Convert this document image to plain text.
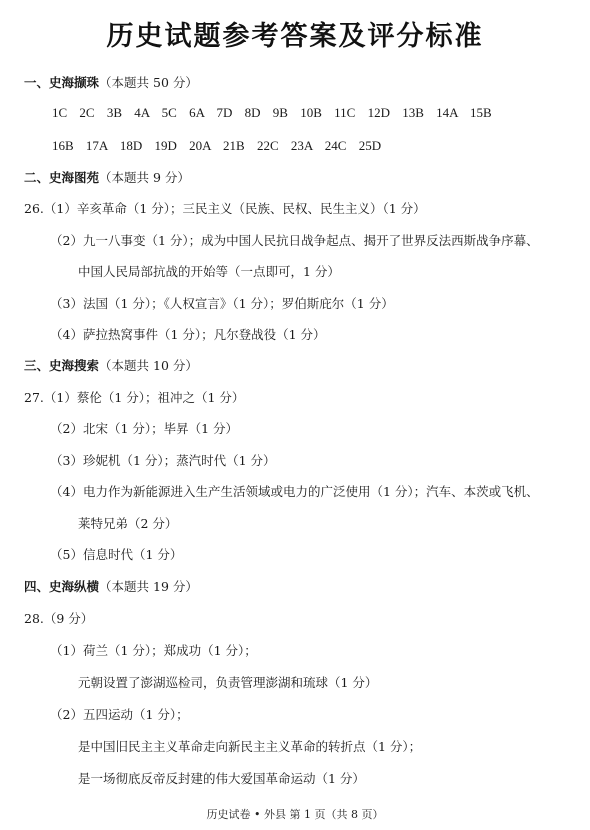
历史试题参考答案及评分标准
一、史海撷珠（本题共 50 分）
1C 2C 3B 4A 5C 6A 7D 8D 9B 10B 11C 12D 13B 14A 15B
16B 17A 18D 19D 20A 21B 22C 23A 24C 25D
二、史海图苑（本题共 9 分）
26.（1）辛亥革命（1 分）；三民主义（民族、民权、民生主义）（1 分）
（2）九一八事变（1 分）；成为中国人民抗日战争起点、揭开了世界反法西斯战争序幕、
中国人民局部抗战的开始等（一点即可，1 分）
（3）法国（1 分）；《人权宣言》（1 分）；罗伯斯庇尔（1 分）
（4）萨拉热窝事件（1 分）；凡尔登战役（1 分）
三、史海搜索（本题共 10 分）
27.（1）蔡伦（1 分）；祖冲之（1 分）
（2）北宋（1 分）；毕昇（1 分）
（3）珍妮机（1 分）；蒸汽时代（1 分）
（4）电力作为新能源进入生产生活领域或电力的广泛使用（1 分）；汽车、本茨或飞机、
莱特兄弟（2 分）
（5）信息时代（1 分）
四、史海纵横（本题共 19 分）
28.（9 分）
（1）荷兰（1 分）；郑成功（1 分）；
元朝设置了澎湖巡检司，负责管理澎湖和琉球（1 分）
（2）五四运动（1 分）；
是中国旧民主主义革命走向新民主主义革命的转折点（1 分）；
是一场彻底反帝反封建的伟大爱国革命运动（1 分）
历史试卷 • 外县 第 1 页（共 8 页）
